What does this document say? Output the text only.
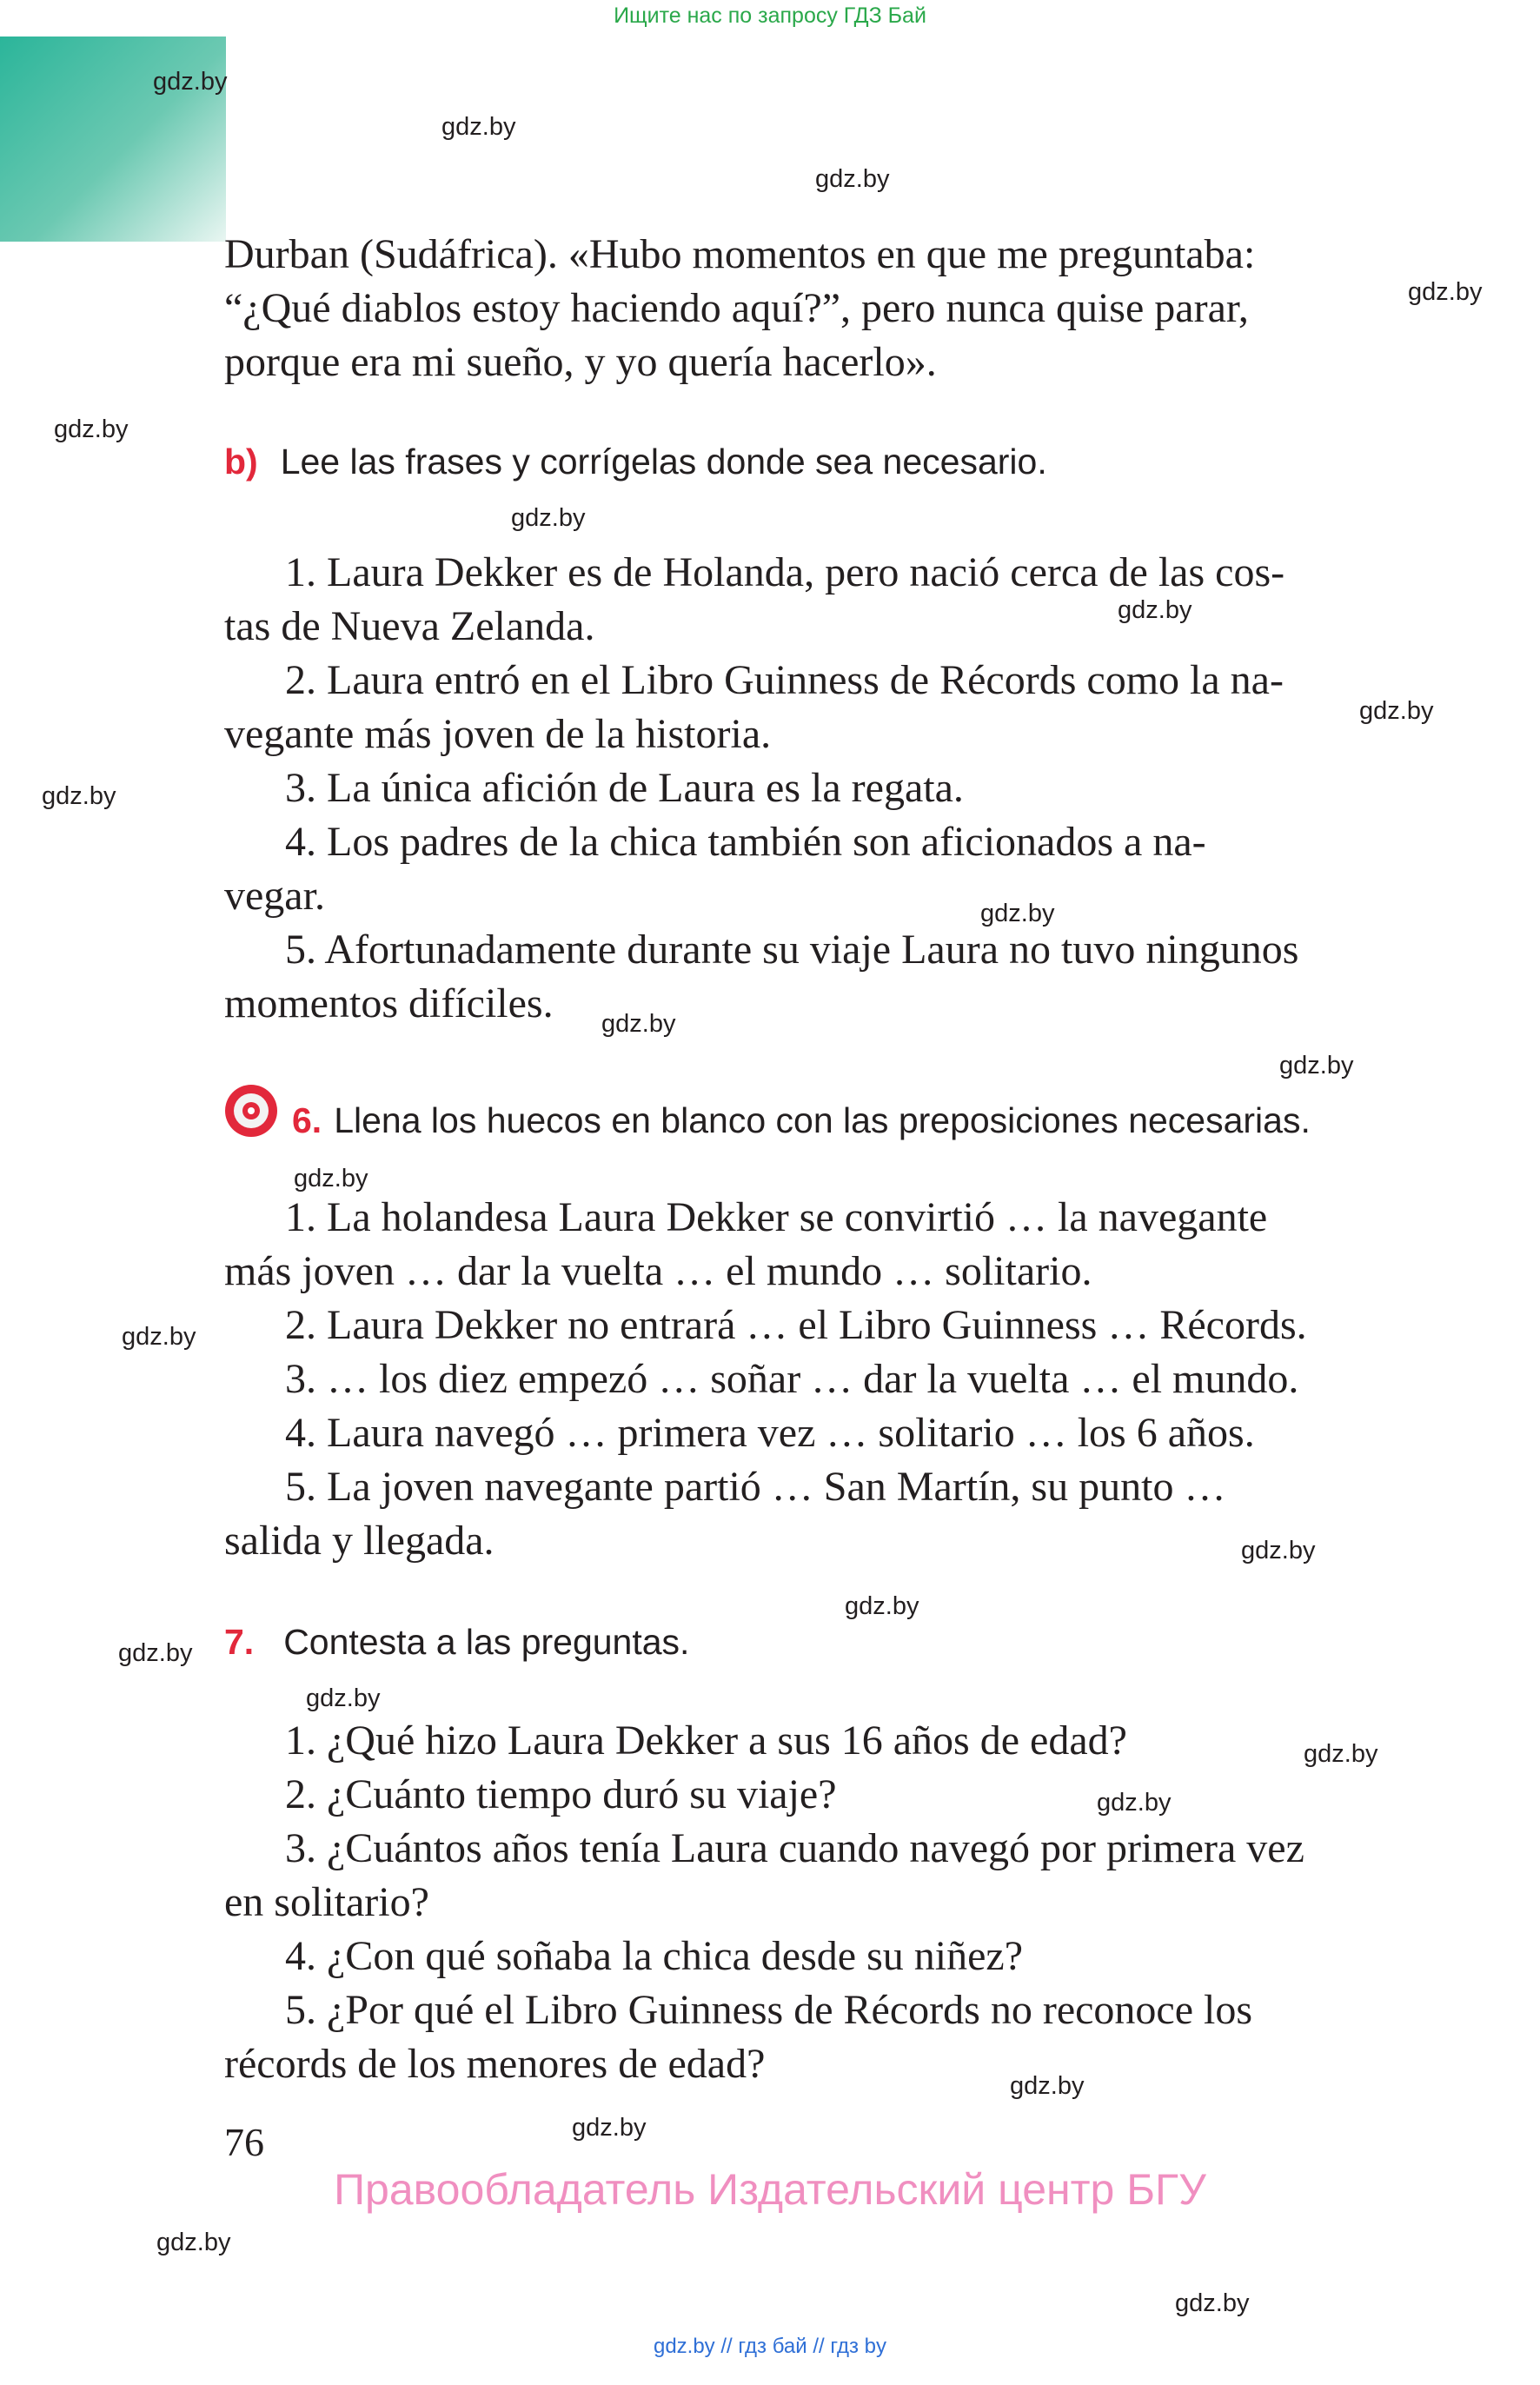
Ищите нас по запросу ГДЗ Бай
gdz.by
gdz.by
gdz.by
gdz.by
gdz.by
gdz.by
gdz.by
gdz.by
gdz.by
gdz.by
gdz.by
gdz.by
gdz.by
gdz.by
gdz.by
gdz.by
gdz.by
gdz.by
gdz.by
gdz.by
gdz.by
gdz.by
gdz.by
gdz.by
Durban (Sudáfrica). «Hubo momentos en que me preguntaba:
“¿Qué diablos estoy haciendo aquí?”, pero nunca quise parar,
porque era mi sueño, y yo quería hacerlo».
b) Lee las frases y corrígelas donde sea necesario.
1. Laura Dekker es de Holanda, pero nació cerca de las cos-
tas de Nueva Zelanda.
2. Laura entró en el Libro Guinness de Récords como la na-
vegante más joven de la historia.
3. La única afición de Laura es la regata.
4. Los padres de la chica también son aficionados a na-
vegar.
5. Afortunadamente durante su viaje Laura no tuvo ningunos
momentos difíciles.
6. Llena los huecos en blanco con las preposiciones necesarias.
1. La holandesa Laura Dekker se convirtió … la navegante
más joven … dar la vuelta … el mundo … solitario.
2. Laura Dekker no entrará … el Libro Guinness … Récords.
3. … los diez empezó … soñar … dar la vuelta … el mundo.
4. Laura navegó … primera vez … solitario … los 6 años.
5. La joven navegante partió … San Martín, su punto …
salida y llegada.
7. Contesta a las preguntas.
1. ¿Qué hizo Laura Dekker a sus 16 años de edad?
2. ¿Cuánto tiempo duró su viaje?
3. ¿Cuántos años tenía Laura cuando navegó por primera vez
en solitario?
4. ¿Con qué soñaba la chica desde su niñez?
5. ¿Por qué el Libro Guinness de Récords no reconoce los
récords de los menores de edad?
76
Правообладатель Издательский центр БГУ
gdz.by // гдз бай // гдз by
